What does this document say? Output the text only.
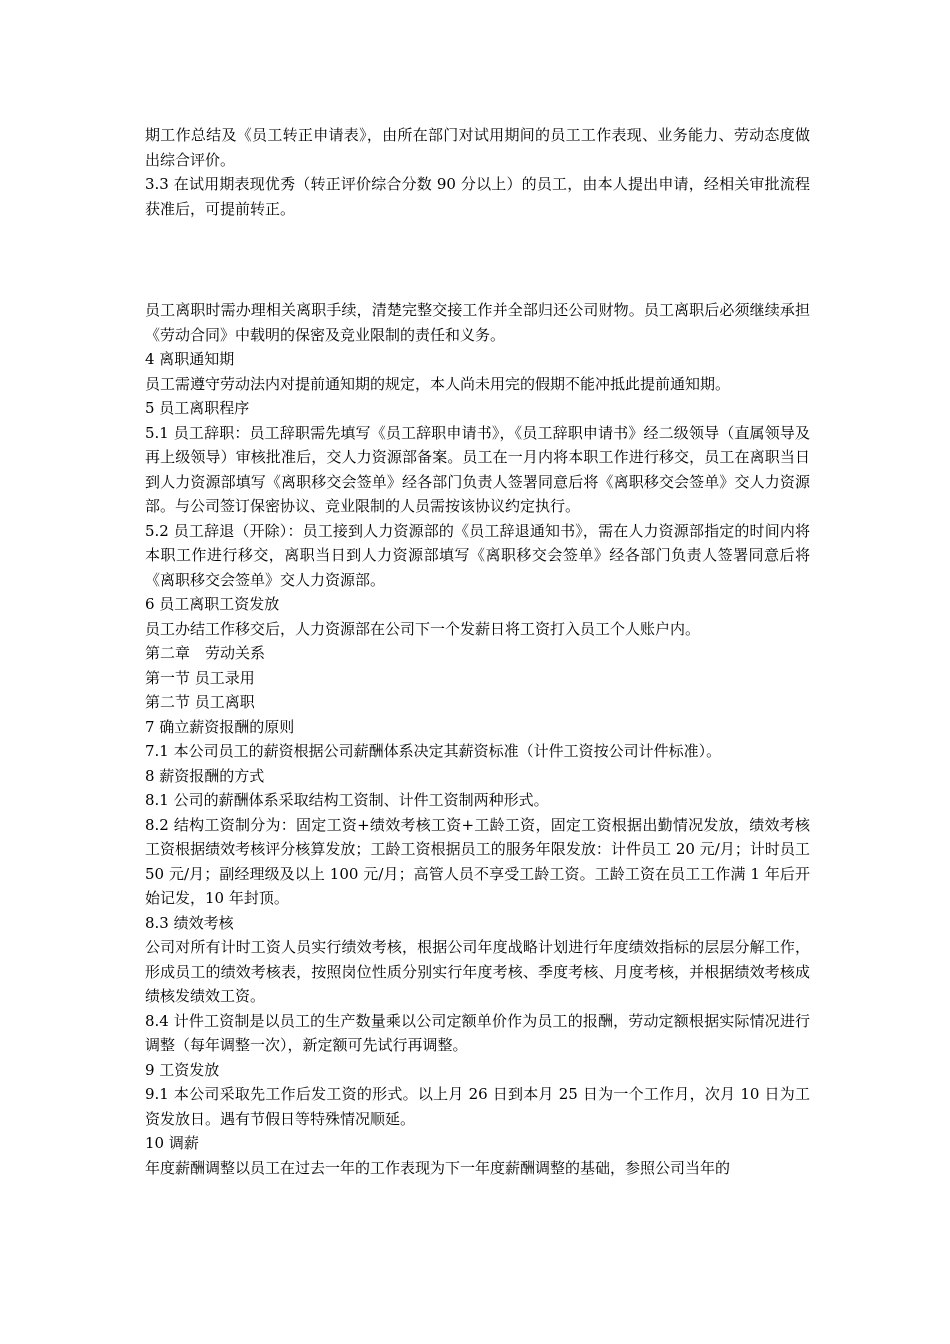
期工作总结及《员工转正申请表》，由所在部门对试用期间的员工工作表现、业务能力、劳动态度做出综合评价。

3.3 在试用期表现优秀（转正评价综合分数 90 分以上）的员工，由本人提出申请，经相关审批流程获准后，可提前转正。

员工离职时需办理相关离职手续，清楚完整交接工作并全部归还公司财物。员工离职后必须继续承担《劳动合同》中载明的保密及竞业限制的责任和义务。

4 离职通知期

员工需遵守劳动法内对提前通知期的规定，本人尚未用完的假期不能冲抵此提前通知期。

5 员工离职程序

5.1 员工辞职：员工辞职需先填写《员工辞职申请书》，《员工辞职申请书》经二级领导（直属领导及再上级领导）审核批准后，交人力资源部备案。员工在一月内将本职工作进行移交，员工在离职当日到人力资源部填写《离职移交会签单》经各部门负责人签署同意后将《离职移交会签单》交人力资源部。与公司签订保密协议、竞业限制的人员需按该协议约定执行。

5.2 员工辞退（开除）：员工接到人力资源部的《员工辞退通知书》，需在人力资源部指定的时间内将本职工作进行移交，离职当日到人力资源部填写《离职移交会签单》经各部门负责人签署同意后将《离职移交会签单》交人力资源部。

6 员工离职工资发放

员工办结工作移交后，人力资源部在公司下一个发薪日将工资打入员工个人账户内。

第二章　劳动关系

第一节 员工录用

第二节 员工离职

7 确立薪资报酬的原则

7.1 本公司员工的薪资根据公司薪酬体系决定其薪资标准（计件工资按公司计件标准）。

8 薪资报酬的方式

8.1 公司的薪酬体系采取结构工资制、计件工资制两种形式。

8.2 结构工资制分为：固定工资+绩效考核工资+工龄工资，固定工资根据出勤情况发放，绩效考核工资根据绩效考核评分核算发放；工龄工资根据员工的服务年限发放：计件员工 20 元/月；计时员工 50 元/月；副经理级及以上 100 元/月；高管人员不享受工龄工资。工龄工资在员工工作满 1 年后开始记发，10 年封顶。

8.3 绩效考核

公司对所有计时工资人员实行绩效考核，根据公司年度战略计划进行年度绩效指标的层层分解工作，形成员工的绩效考核表，按照岗位性质分别实行年度考核、季度考核、月度考核，并根据绩效考核成绩核发绩效工资。

8.4 计件工资制是以员工的生产数量乘以公司定额单价作为员工的报酬，劳动定额根据实际情况进行调整（每年调整一次），新定额可先试行再调整。

9 工资发放

9.1 本公司采取先工作后发工资的形式。以上月 26 日到本月 25 日为一个工作月，次月 10 日为工资发放日。遇有节假日等特殊情况顺延。

10 调薪

年度薪酬调整以员工在过去一年的工作表现为下一年度薪酬调整的基础，参照公司当年的
